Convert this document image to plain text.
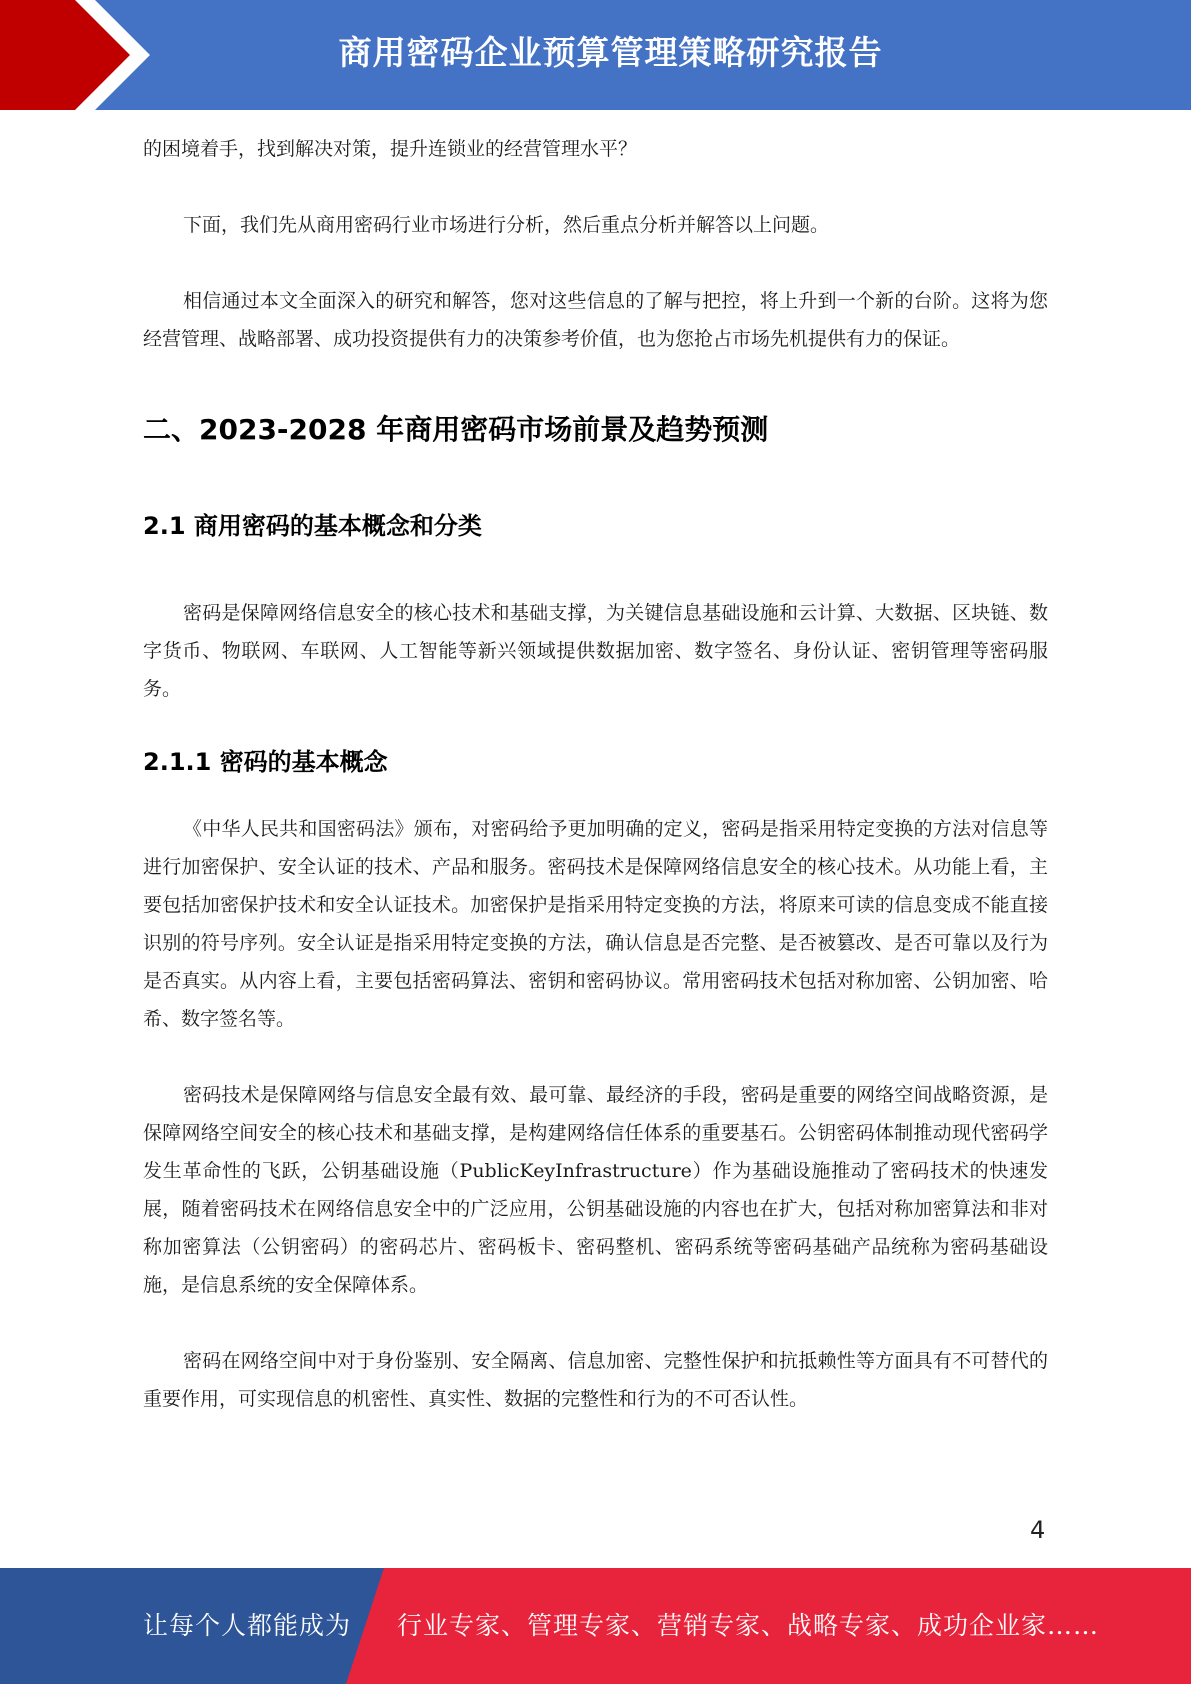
商用密码企业预算管理策略研究报告

的困境着手，找到解决对策，提升连锁业的经营管理水平？

下面，我们先从商用密码行业市场进行分析，然后重点分析并解答以上问题。

相信通过本文全面深入的研究和解答，您对这些信息的了解与把控，将上升到一个新的台阶。这将为您经营管理、战略部署、成功投资提供有力的决策参考价值，也为您抢占市场先机提供有力的保证。

二、2023-2028 年商用密码市场前景及趋势预测
2.1 商用密码的基本概念和分类

密码是保障网络信息安全的核心技术和基础支撑，为关键信息基础设施和云计算、大数据、区块链、数字货币、物联网、车联网、人工智能等新兴领域提供数据加密、数字签名、身份认证、密钥管理等密码服务。

2.1.1 密码的基本概念

《中华人民共和国密码法》颁布，对密码给予更加明确的定义，密码是指采用特定变换的方法对信息等进行加密保护、安全认证的技术、产品和服务。密码技术是保障网络信息安全的核心技术。从功能上看，主要包括加密保护技术和安全认证技术。加密保护是指采用特定变换的方法，将原来可读的信息变成不能直接识别的符号序列。安全认证是指采用特定变换的方法，确认信息是否完整、是否被篡改、是否可靠以及行为是否真实。从内容上看，主要包括密码算法、密钥和密码协议。常用密码技术包括对称加密、公钥加密、哈希、数字签名等。

密码技术是保障网络与信息安全最有效、最可靠、最经济的手段，密码是重要的网络空间战略资源，是保障网络空间安全的核心技术和基础支撑，是构建网络信任体系的重要基石。公钥密码体制推动现代密码学发生革命性的飞跃，公钥基础设施（PublicKeyInfrastructure）作为基础设施推动了密码技术的快速发展，随着密码技术在网络信息安全中的广泛应用，公钥基础设施的内容也在扩大，包括对称加密算法和非对称加密算法（公钥密码）的密码芯片、密码板卡、密码整机、密码系统等密码基础产品统称为密码基础设施，是信息系统的安全保障体系。

密码在网络空间中对于身份鉴别、安全隔离、信息加密、完整性保护和抗抵赖性等方面具有不可替代的重要作用，可实现信息的机密性、真实性、数据的完整性和行为的不可否认性。

4
让每个人都能成为 行业专家、管理专家、营销专家、战略专家、成功企业家……
